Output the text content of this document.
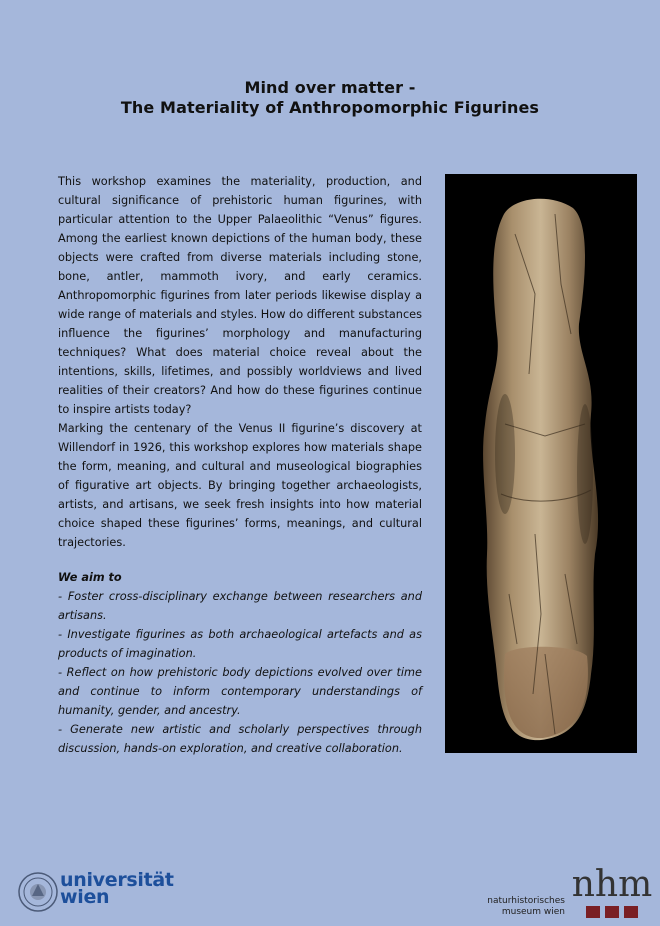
Mind over matter -
The Materiality of Anthropomorphic Figurines

This workshop examines the materiality, production, and cultural significance of prehistoric human figurines, with particular attention to the Upper Palaeolithic “Venus” figures. Among the earliest known depictions of the human body, these objects were crafted from diverse materials including stone, bone, antler, mammoth ivory, and early ceramics. Anthropomorphic figurines from later periods likewise display a wide range of materials and styles. How do different substances influence the figurines’ morphology and manufacturing techniques? What does material choice reveal about the intentions, skills, lifetimes, and possibly worldviews and lived realities of their creators? And how do these figurines continue to inspire artists today?

Marking the centenary of the Venus II figurine’s discovery at Willendorf in 1926, this workshop explores how materials shape the form, meaning, and cultural and museological biographies of figurative art objects. By bringing together archaeologists, artists, and artisans, we seek fresh insights into how material choice shaped these figurines’ forms, meanings, and cultural trajectories.

We aim to

- Foster cross-disciplinary exchange between researchers and artisans.

- Investigate figurines as both archaeological artefacts and as products of imagination.

- Reflect on how prehistoric body depictions evolved over time and continue to inform contemporary understandings of humanity, gender, and ancestry.

- Generate new artistic and scholarly perspectives through discussion, hands-on exploration, and creative collaboration.

universität
wien	naturhistorisches
museum wien
nhm
